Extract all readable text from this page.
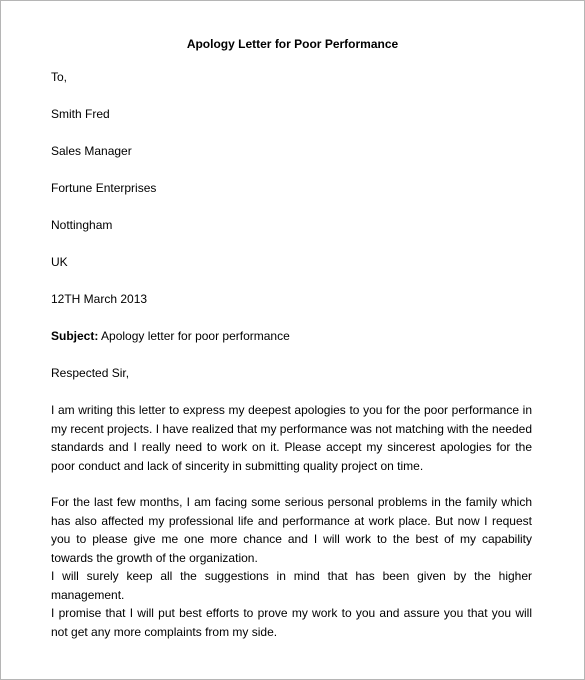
Apology Letter for Poor Performance

To,

Smith Fred

Sales Manager

Fortune Enterprises

Nottingham

UK

12TH March 2013

Subject: Apology letter for poor performance

Respected Sir,

I am writing this letter to express my deepest apologies to you for the poor performance in my recent projects. I have realized that my performance was not matching with the needed standards and I really need to work on it. Please accept my sincerest apologies for the poor conduct and lack of sincerity in submitting quality project on time.

For the last few months, I am facing some serious personal problems in the family which has also affected my professional life and performance at work place. But now I request you to please give me one more chance and I will work to the best of my capability towards the growth of the organization.

I will surely keep all the suggestions in mind that has been given by the higher management.

I promise that I will put best efforts to prove my work to you and assure you that you will not get any more complaints from my side.
